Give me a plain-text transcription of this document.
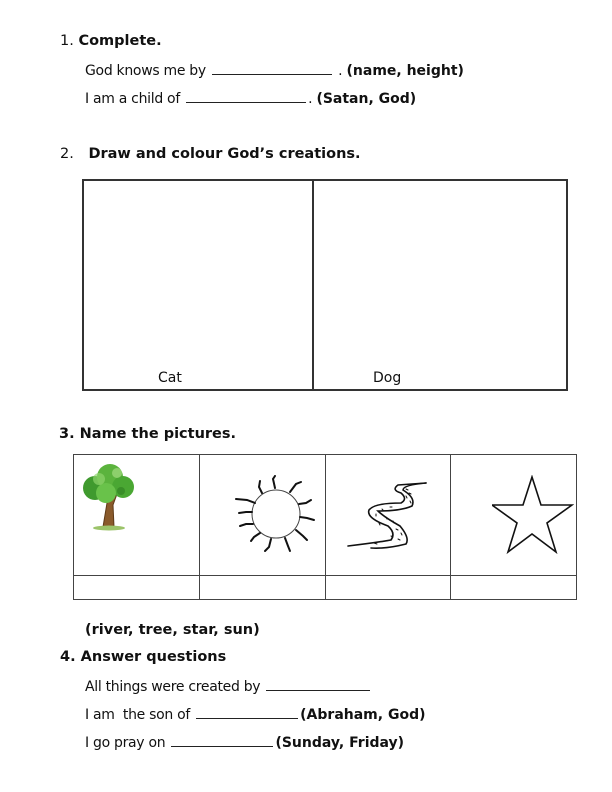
1. Complete.
God knows me by	. (name, height)
I am a child of	. (Satan, God)
2. Draw and colour God’s creations.
Cat	Dog
3. Name the pictures.

(river, tree, star, sun)
4. Answer questions
All things were created by
I am  the son of	(Abraham, God)
I go pray on	(Sunday, Friday)
